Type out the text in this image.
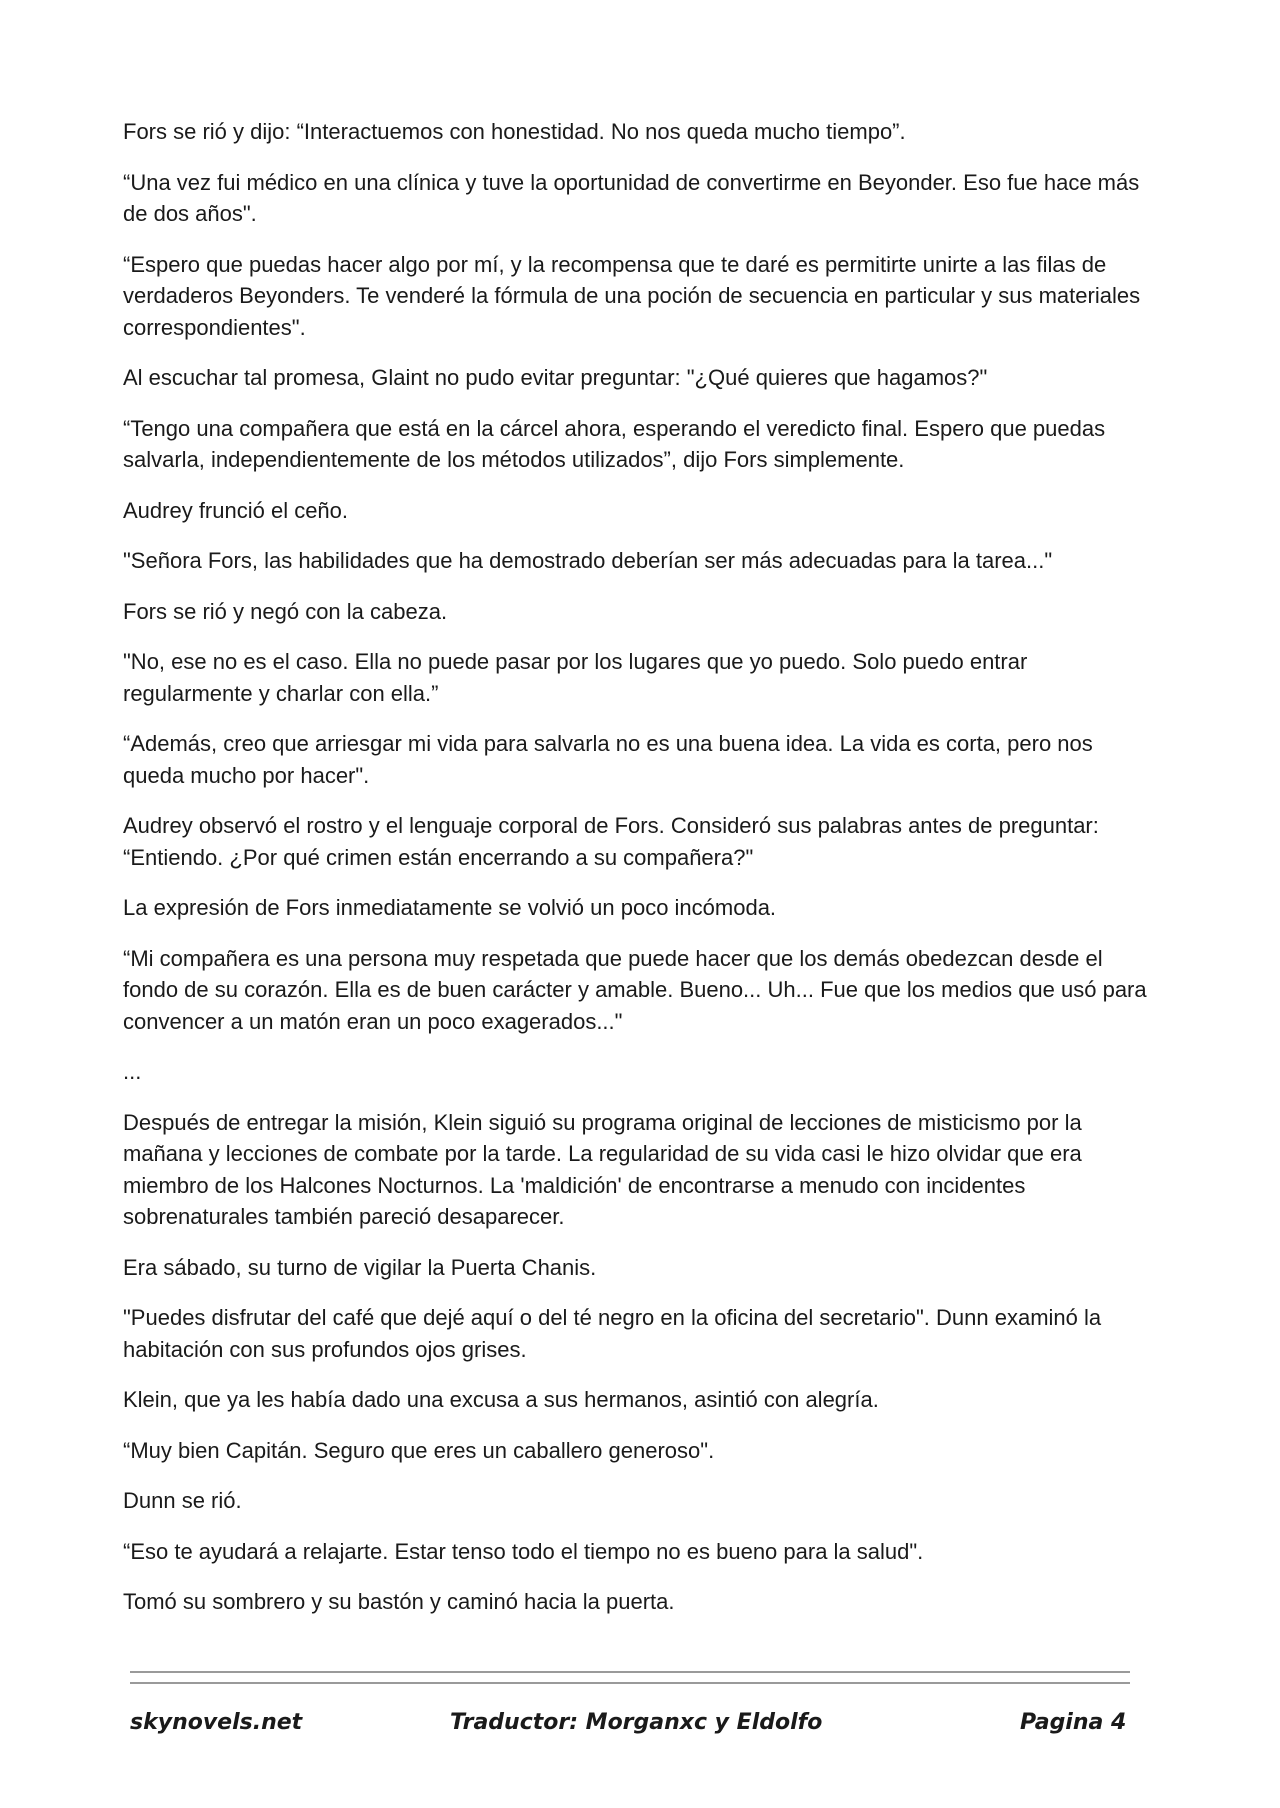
Fors se rió y dijo: “Interactuemos con honestidad. No nos queda mucho tiempo”.

“Una vez fui médico en una clínica y tuve la oportunidad de convertirme en Beyonder. Eso fue hace más de dos años".

“Espero que puedas hacer algo por mí, y la recompensa que te daré es permitirte unirte a las filas de verdaderos Beyonders. Te venderé la fórmula de una poción de secuencia en particular y sus materiales correspondientes".

Al escuchar tal promesa, Glaint no pudo evitar preguntar: "¿Qué quieres que hagamos?"

“Tengo una compañera que está en la cárcel ahora, esperando el veredicto final. Espero que puedas salvarla, independientemente de los métodos utilizados”, dijo Fors simplemente.

Audrey frunció el ceño.

"Señora Fors, las habilidades que ha demostrado deberían ser más adecuadas para la tarea..."

Fors se rió y negó con la cabeza.

"No, ese no es el caso. Ella no puede pasar por los lugares que yo puedo. Solo puedo entrar regularmente y charlar con ella.”

“Además, creo que arriesgar mi vida para salvarla no es una buena idea. La vida es corta, pero nos queda mucho por hacer".

Audrey observó el rostro y el lenguaje corporal de Fors. Consideró sus palabras antes de preguntar: “Entiendo. ¿Por qué crimen están encerrando a su compañera?"

La expresión de Fors inmediatamente se volvió un poco incómoda.

“Mi compañera es una persona muy respetada que puede hacer que los demás obedezcan desde el fondo de su corazón. Ella es de buen carácter y amable. Bueno... Uh... Fue que los medios que usó para convencer a un matón eran un poco exagerados..."

...

Después de entregar la misión, Klein siguió su programa original de lecciones de misticismo por la mañana y lecciones de combate por la tarde. La regularidad de su vida casi le hizo olvidar que era miembro de los Halcones Nocturnos. La 'maldición' de encontrarse a menudo con incidentes sobrenaturales también pareció desaparecer.

Era sábado, su turno de vigilar la Puerta Chanis.

"Puedes disfrutar del café que dejé aquí o del té negro en la oficina del secretario". Dunn examinó la habitación con sus profundos ojos grises.

Klein, que ya les había dado una excusa a sus hermanos, asintió con alegría.

“Muy bien Capitán. Seguro que eres un caballero generoso".

Dunn se rió.

“Eso te ayudará a relajarte. Estar tenso todo el tiempo no es bueno para la salud".

Tomó su sombrero y su bastón y caminó hacia la puerta.

skynovels.net	Traductor: Morganxc y Eldolfo	Pagina 4
